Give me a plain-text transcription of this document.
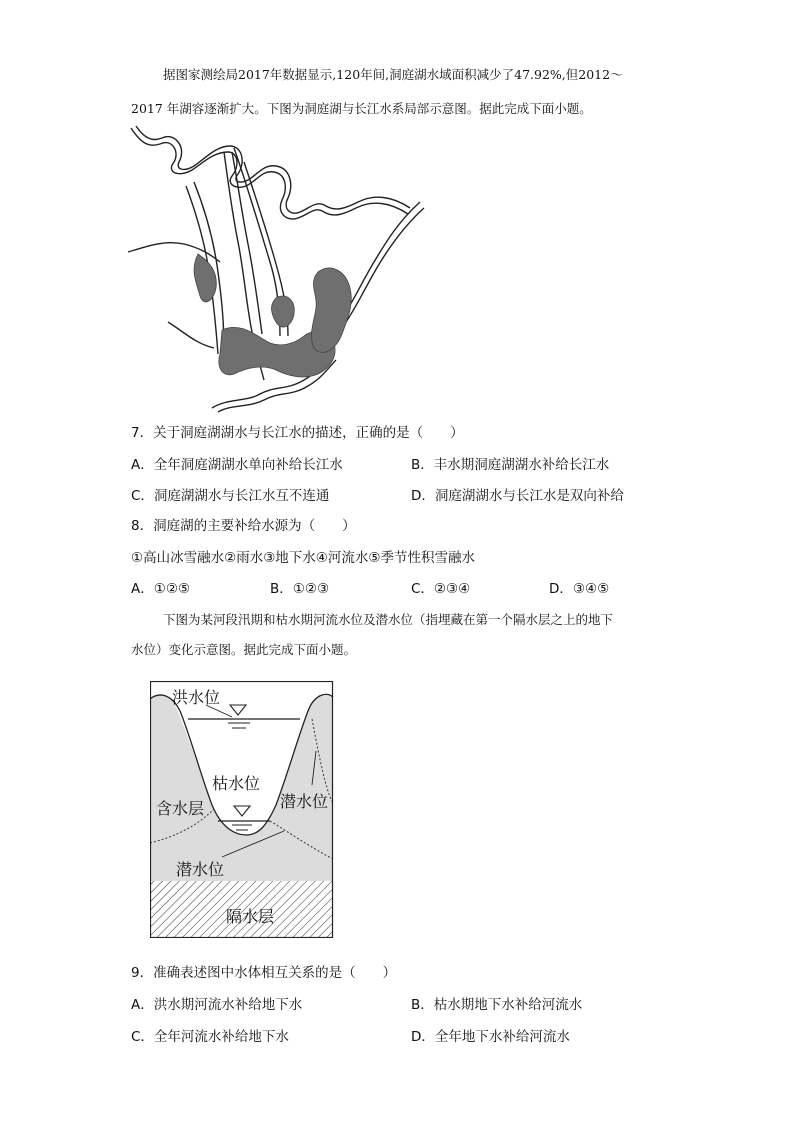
据图家测绘局2017年数据显示,120年间,洞庭湖水域面积减少了47.92%,但2012～
2017 年湖容逐渐扩大。下图为洞庭湖与长江水系局部示意图。据此完成下面小题。
7．关于洞庭湖湖水与长江水的描述，正确的是（　　）
A．全年洞庭湖湖水单向补给长江水	B．丰水期洞庭湖湖水补给长江水
C．洞庭湖湖水与长江水互不连通	D．洞庭湖湖水与长江水是双向补给
8．洞庭湖的主要补给水源为（　　）
①高山冰雪融水②雨水③地下水④河流水⑤季节性积雪融水
A．①②⑤	B．①②③	C．②③④	D．③④⑤
下图为某河段汛期和枯水期河流水位及潜水位（指埋藏在第一个隔水层之上的地下
水位）变化示意图。据此完成下面小题。
洪水位
枯水位
含水层	潜水位
潜水位
隔水层
9．准确表述图中水体相互关系的是（　　）
A．洪水期河流水补给地下水	B．枯水期地下水补给河流水
C．全年河流水补给地下水	D．全年地下水补给河流水
